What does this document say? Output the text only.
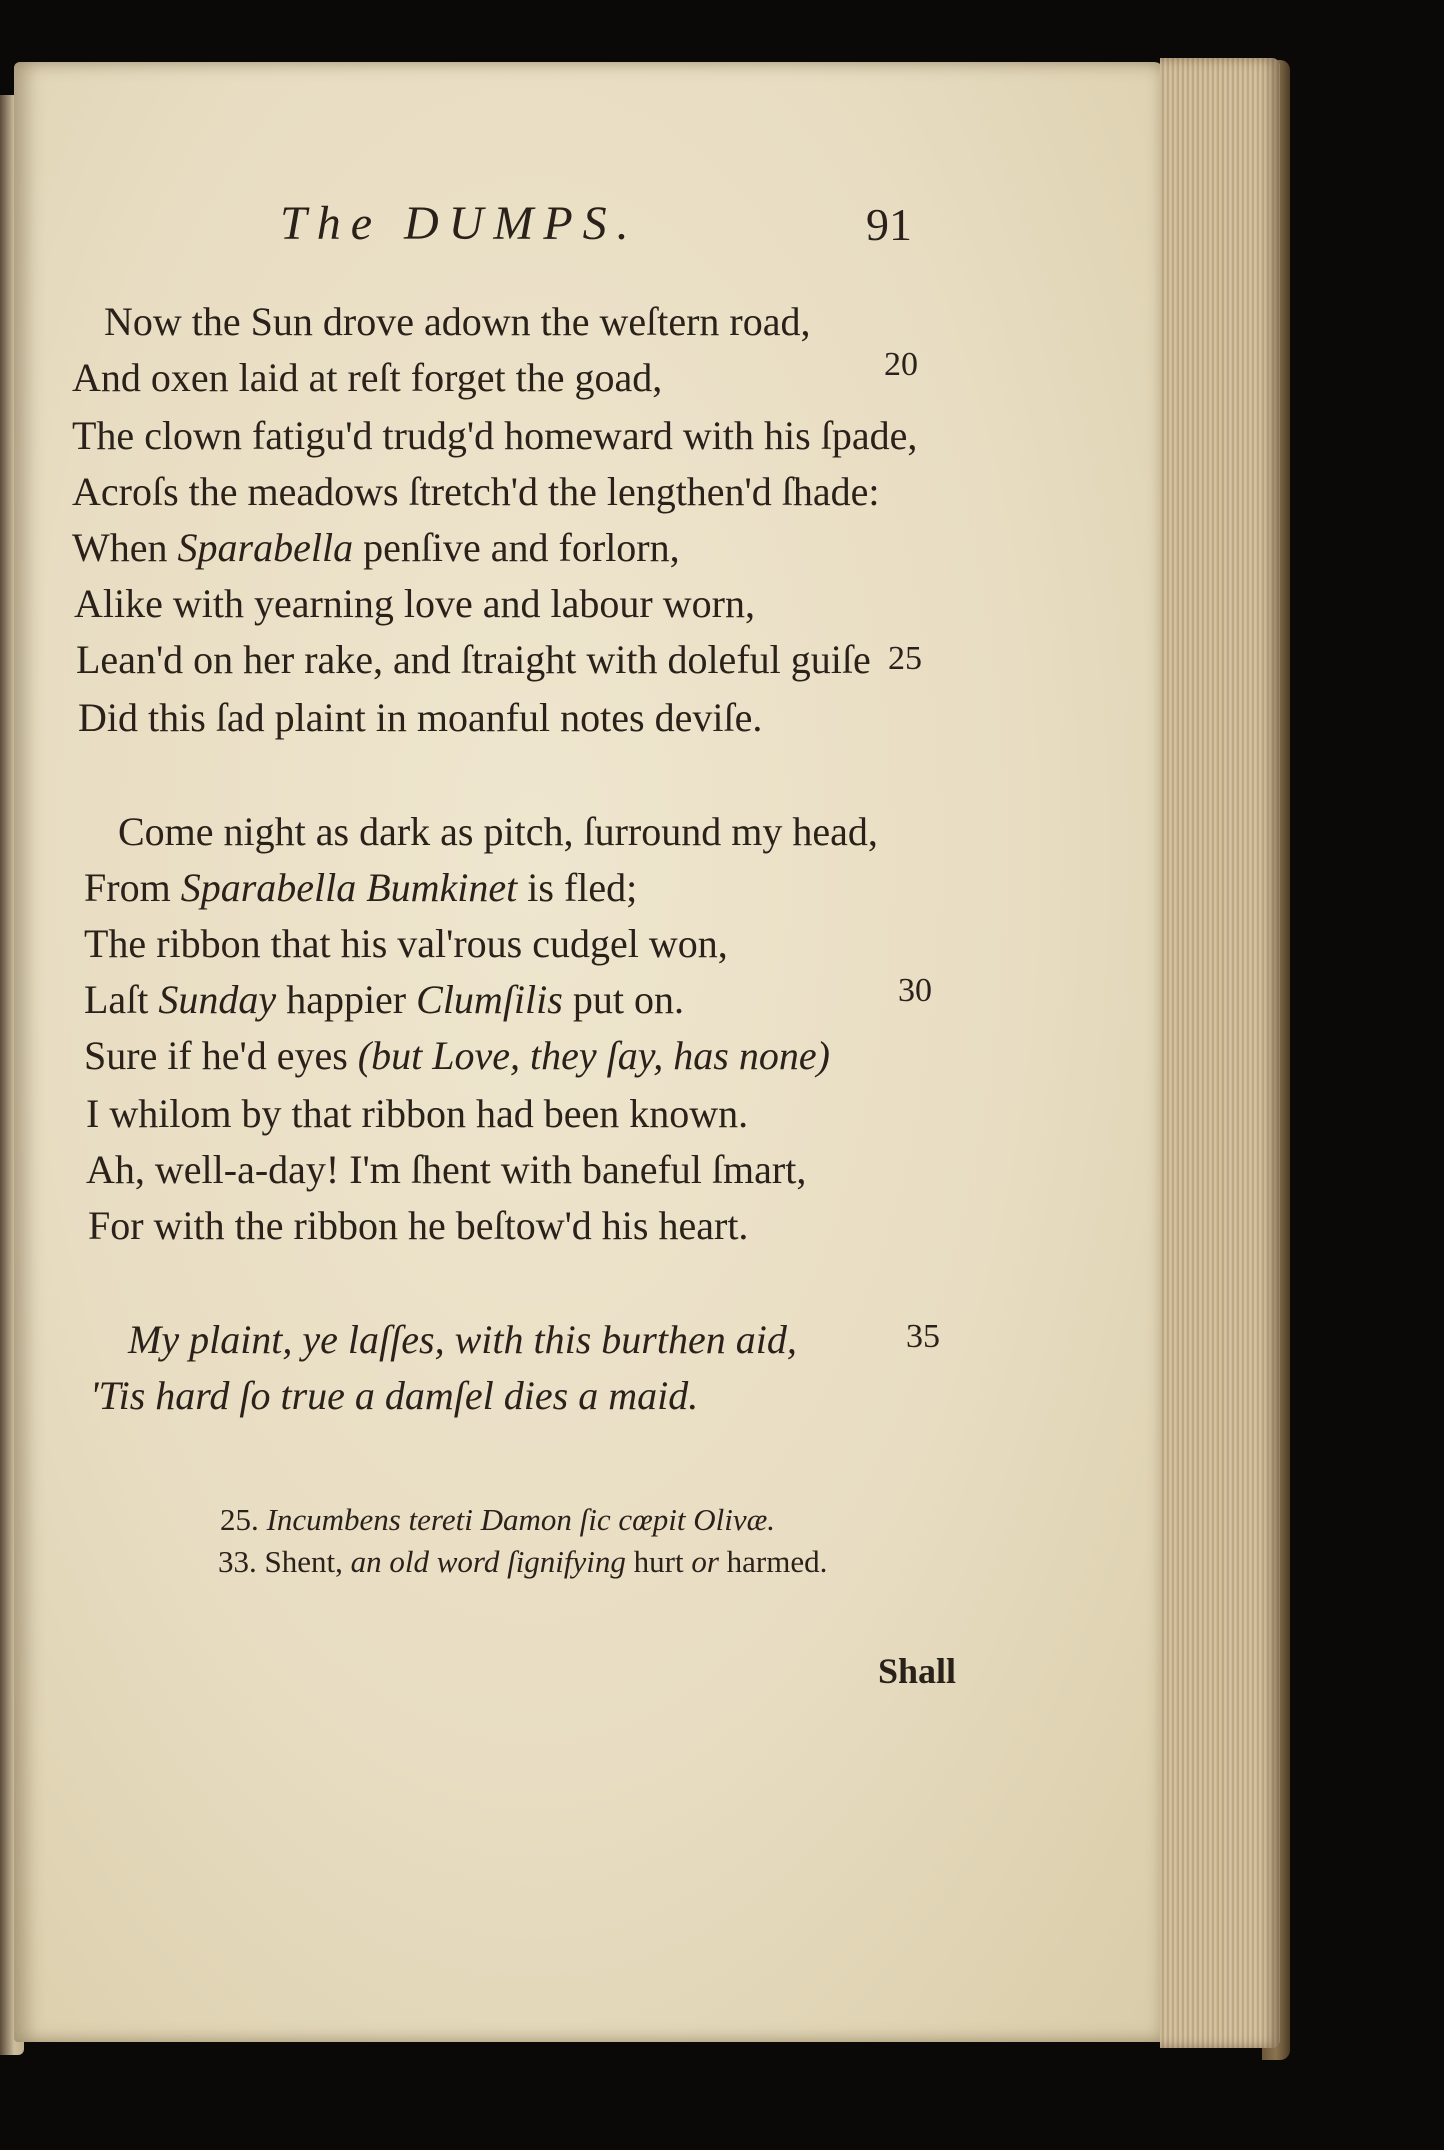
The DUMPS.	91
Now the Sun drove adown the weſtern road,
And oxen laid at reſt forget the goad,
The clown fatigu'd trudg'd homeward with his ſpade,
Acroſs the meadows ſtretch'd the lengthen'd ſhade:
When Sparabella penſive and forlorn,
Alike with yearning love and labour worn,
Lean'd on her rake, and ſtraight with doleful guiſe
Did this ſad plaint in moanful notes deviſe.
Come night as dark as pitch, ſurround my head,
From Sparabella Bumkinet is fled;
The ribbon that his val'rous cudgel won,
Laſt Sunday happier Clumſilis put on.
Sure if he'd eyes (but Love, they ſay, has none)
I whilom by that ribbon had been known.
Ah, well-a-day! I'm ſhent with baneful ſmart,
For with the ribbon he beſtow'd his heart.
My plaint, ye laſſes, with this burthen aid,
'Tis hard ſo true a damſel dies a maid.
20
25
30
35
25. Incumbens tereti Damon ſic cœpit Olivæ.
33. Shent, an old word ſignifying hurt or harmed.
Shall
